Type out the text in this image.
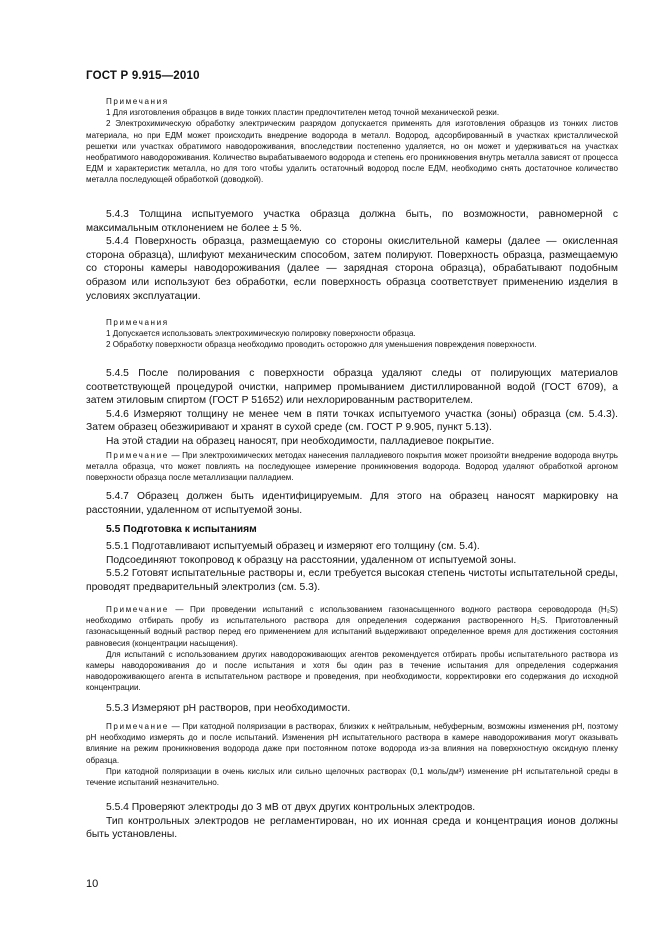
ГОСТ Р 9.915—2010

Примечания

1 Для изготовления образцов в виде тонких пластин предпочтителен метод точной механической резки.

2 Электрохимическую обработку электрическим разрядом допускается применять для изготовления образцов из тонких листов материала, но при ЕДМ может происходить внедрение водорода в металл. Водород, адсорбированный в участках кристаллической решетки или участках обратимого наводороживания, впоследствии постепенно удаляется, но он может и удерживаться на участках необратимого наводороживания. Количество вырабатываемого водорода и степень его проникновения внутрь металла зависят от процесса ЕДМ и характеристик металла, но для того чтобы удалить остаточный водород после ЕДМ, необходимо снять достаточное количество металла последующей обработкой (доводкой).

5.4.3 Толщина испытуемого участка образца должна быть, по возможности, равномерной с максимальным отклонением не более ± 5 %.

5.4.4 Поверхность образца, размещаемую со стороны окислительной камеры (далее — окисленная сторона образца), шлифуют механическим способом, затем полируют. Поверхность образца, размещаемую со стороны камеры наводороживания (далее — зарядная сторона образца), обрабатывают подобным образом или используют без обработки, если поверхность образца соответствует применению изделия в условиях эксплуатации.

Примечания

1 Допускается использовать электрохимическую полировку поверхности образца.

2 Обработку поверхности образца необходимо проводить осторожно для уменьшения повреждения поверхности.

5.4.5 После полирования с поверхности образца удаляют следы от полирующих материалов соответствующей процедурой очистки, например промыванием дистиллированной водой (ГОСТ 6709), а затем этиловым спиртом (ГОСТ Р 51652) или нехлорированным растворителем.

5.4.6 Измеряют толщину не менее чем в пяти точках испытуемого участка (зоны) образца (см. 5.4.3). Затем образец обезжиривают и хранят в сухой среде (см. ГОСТ Р 9.905, пункт 5.13).

На этой стадии на образец наносят, при необходимости, палладиевое покрытие.

Примечание — При электрохимических методах нанесения палладиевого покрытия может произойти внедрение водорода внутрь металла образца, что может повлиять на последующее измерение проникновения водорода. Водород удаляют обработкой аргоном поверхности образца после металлизации палладием.

5.4.7 Образец должен быть идентифицируемым. Для этого на образец наносят маркировку на расстоянии, удаленном от испытуемой зоны.

5.5 Подготовка к испытаниям

5.5.1 Подготавливают испытуемый образец и измеряют его толщину (см. 5.4).

Подсоединяют токопровод к образцу на расстоянии, удаленном от испытуемой зоны.

5.5.2 Готовят испытательные растворы и, если требуется высокая степень чистоты испытательной среды, проводят предварительный электролиз (см. 5.3).

Примечание — При проведении испытаний с использованием газонасыщенного водного раствора сероводорода (H₂S) необходимо отбирать пробу из испытательного раствора для определения содержания растворенного H₂S. Приготовленный газонасыщенный водный раствор перед его применением для испытаний выдерживают определенное время для достижения состояния равновесия (концентрации насыщения).

Для испытаний с использованием других наводороживающих агентов рекомендуется отбирать пробы испытательного раствора из камеры наводороживания до и после испытания и хотя бы один раз в течение испытания для определения содержания наводороживающего агента в испытательном растворе и проведения, при необходимости, корректировки его содержания до исходной концентрации.

5.5.3 Измеряют рН растворов, при необходимости.

Примечание — При катодной поляризации в растворах, близких к нейтральным, небуферным, возможны изменения рН, поэтому рН необходимо измерять до и после испытаний. Изменения рН испытательного раствора в камере наводороживания могут оказывать влияние на режим проникновения водорода даже при постоянном потоке водорода из-за влияния на поверхностную оксидную пленку образца.

При катодной поляризации в очень кислых или сильно щелочных растворах (0,1 моль/дм³) изменение рН испытательной среды в течение испытаний незначительно.

5.5.4 Проверяют электроды до 3 мВ от двух других контрольных электродов.

Тип контрольных электродов не регламентирован, но их ионная среда и концентрация ионов должны быть установлены.

10
